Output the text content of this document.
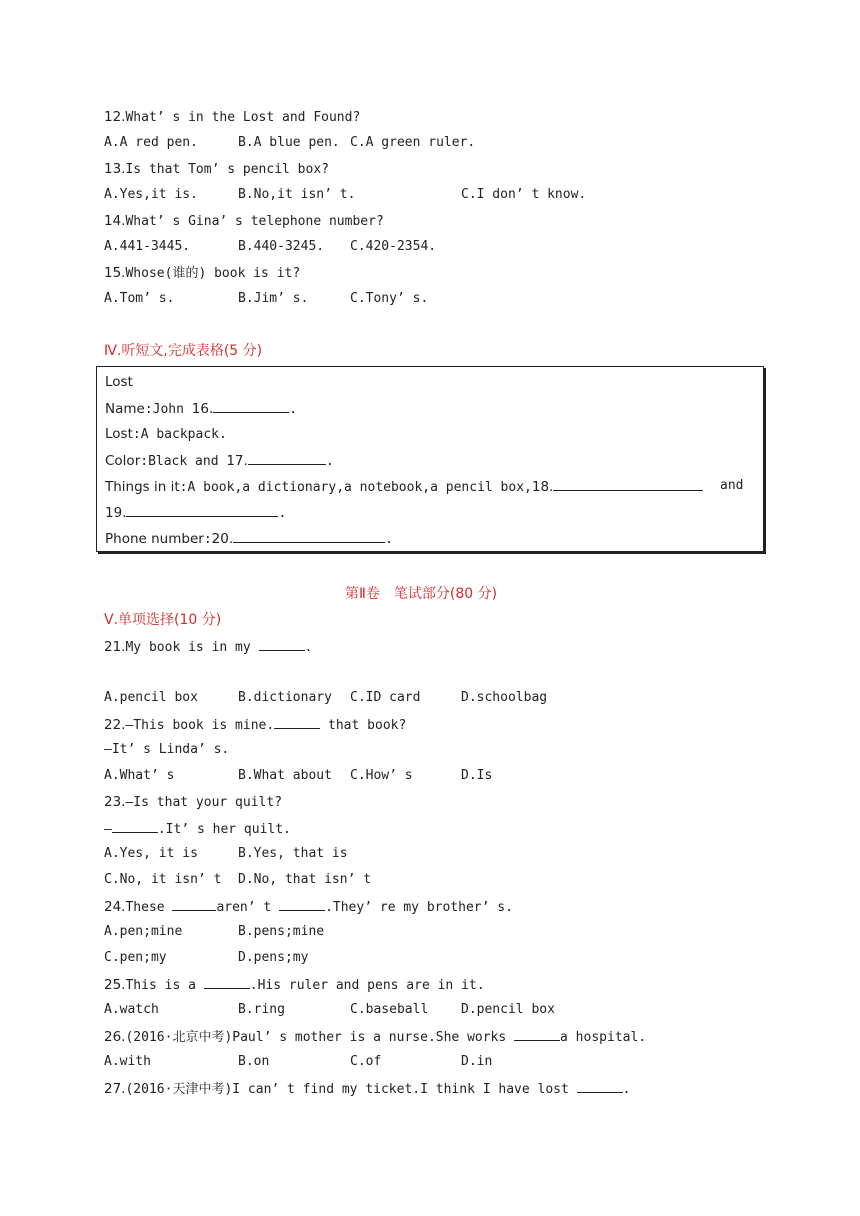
12.What’ s in the Lost and Found?

A.A red pen.

	B.A blue pen.

C.A green ruler.

13.Is that Tom’ s pencil box?

A.Yes,it is.

	B.No,it isn’ t.

	C.I don’ t know.

14.What’ s Gina’ s telephone number?

A.441-3445.

	B.440-3245.

C.420-2354.

15.Whose(谁的) book is it?

A.Tom’ s.

	B.Jim’ s.

	C.Tony’ s.

Ⅳ.听短文,完成表格(5 分)
Lost
Name:John 16.	.
Lost:A backpack.
Color:Black and 17.	.
Things in it:A book,a dictionary,a notebook,a pencil box,18.	and
19.	.
Phone number:20.	.
第Ⅱ卷　笔试部分(80 分)
Ⅴ.单项选择(10 分)
21.My book is in my	.

A.pencil box

	B.dictionary

C.ID card

	D.schoolbag

22.—This book is mine.	that book?
—It’ s Linda’ s.

A.What’ s

	B.What about

C.How’ s

	D.Is

23.—Is that your quilt?
—	.It’ s her quilt.

A.Yes, it is

	B.Yes, that is

C.No, it isn’ t

D.No, that isn’ t

24.These	aren’ t	.They’ re my brother’ s.

A.pen;mine

	B.pens;mine

C.pen;my

	D.pens;my

25.This is a	.His ruler and pens are in it.

A.watch

	B.ring

	C.baseball

	D.pencil box

26.(2016·北京中考)Paul’ s mother is a nurse.She works	a hospital.

A.with

	B.on

	C.of

	D.in

27.(2016·天津中考)I can’ t find my ticket.I think I have lost	.
